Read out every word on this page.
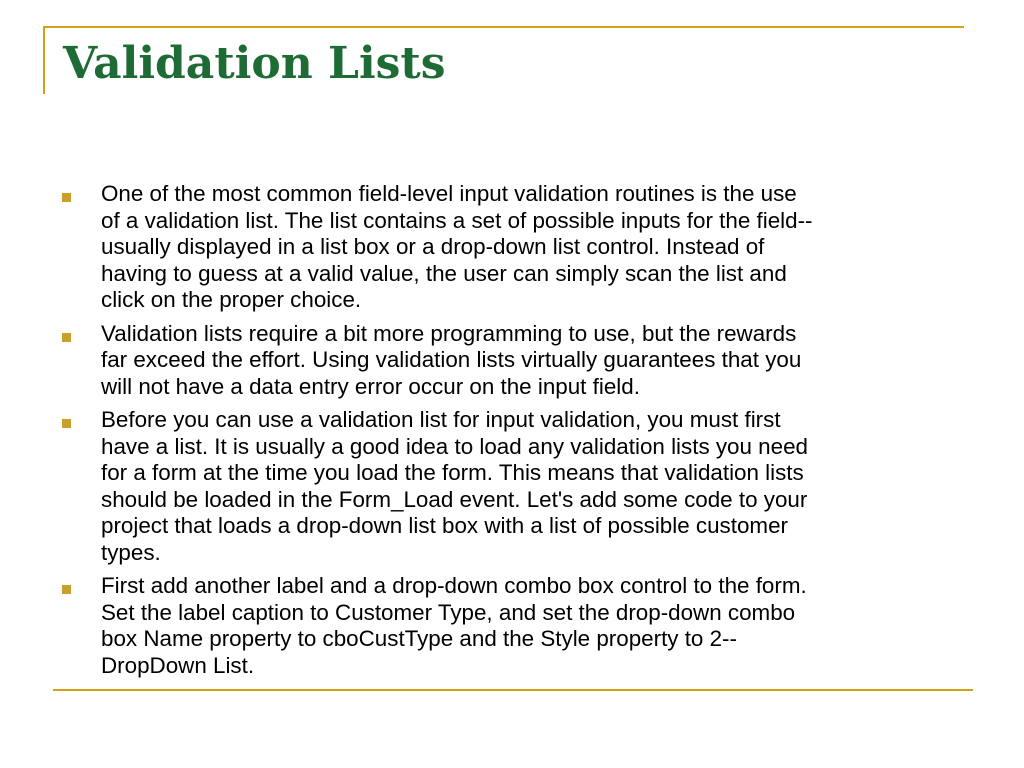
Validation Lists
One of the most common field-level input validation routines is the use
of a validation list. The list contains a set of possible inputs for the field--
usually displayed in a list box or a drop-down list control. Instead of
having to guess at a valid value, the user can simply scan the list and
click on the proper choice.
Validation lists require a bit more programming to use, but the rewards
far exceed the effort. Using validation lists virtually guarantees that you
will not have a data entry error occur on the input field.
Before you can use a validation list for input validation, you must first
have a list. It is usually a good idea to load any validation lists you need
for a form at the time you load the form. This means that validation lists
should be loaded in the Form_Load event. Let's add some code to your
project that loads a drop-down list box with a list of possible customer
types.
First add another label and a drop-down combo box control to the form.
Set the label caption to Customer Type, and set the drop-down combo
box Name property to cboCustType and the Style property to 2--
DropDown List.
